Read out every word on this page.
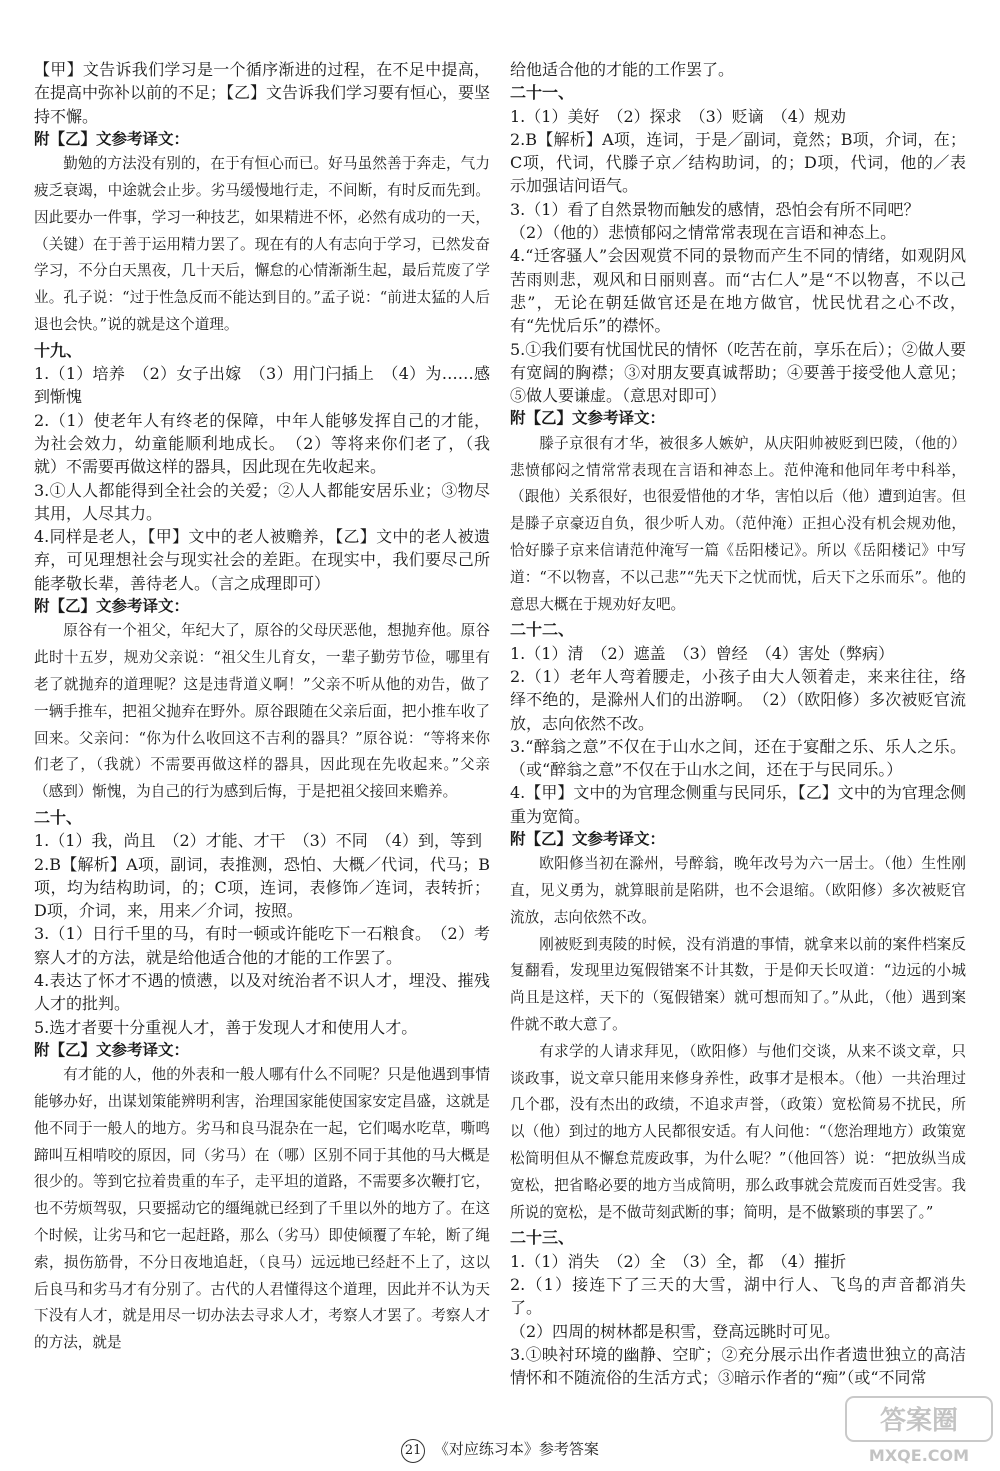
【甲】文告诉我们学习是一个循序渐进的过程，在不足中提高，在提高中弥补以前的不足；【乙】文告诉我们学习要有恒心，要坚持不懈。

附【乙】文参考译文：

勤勉的方法没有别的，在于有恒心而已。好马虽然善于奔走，气力疲乏衰竭，中途就会止步。劣马缓慢地行走，不间断，有时反而先到。因此要办一件事，学习一种技艺，如果精进不怀，必然有成功的一天，（关键）在于善于运用精力罢了。现在有的人有志向于学习，已然发奋学习，不分白天黑夜，几十天后，懈怠的心情渐渐生起，最后荒废了学业。孔子说：“过于性急反而不能达到目的。”孟子说：“前进太猛的人后退也会快。”说的就是这个道理。

十九、

1.（1）培养　（2）女子出嫁　（3）用门闩插上　（4）为……感到惭愧

2.（1）使老年人有终老的保障，中年人能够发挥自己的才能，为社会效力，幼童能顺利地成长。　（2）等将来你们老了，（我就）不需要再做这样的器具，因此现在先收起来。

3.①人人都能得到全社会的关爱；②人人都能安居乐业；③物尽其用，人尽其力。

4.同样是老人，【甲】文中的老人被赡养，【乙】文中的老人被遗弃，可见理想社会与现实社会的差距。在现实中，我们要尽己所能孝敬长辈，善待老人。（言之成理即可）

附【乙】文参考译文：

原谷有一个祖父，年纪大了，原谷的父母厌恶他，想抛弃他。原谷此时十五岁，规劝父亲说：“祖父生儿育女，一辈子勤劳节俭，哪里有老了就抛弃的道理呢？这是违背道义啊！”父亲不听从他的劝告，做了一辆手推车，把祖父抛弃在野外。原谷跟随在父亲后面，把小推车收了回来。父亲问：“你为什么收回这不吉利的器具？”原谷说：“等将来你们老了，（我就）不需要再做这样的器具，因此现在先收起来。”父亲（感到）惭愧，为自己的行为感到后悔，于是把祖父接回来赡养。

二十、

1.（1）我，尚且　（2）才能、才干　（3）不同　（4）到，等到

2.B【解析】A项，副词，表推测，恐怕、大概／代词，代马；B项，均为结构助词，的；C项，连词，表修饰／连词，表转折；D项，介词，来，用来／介词，按照。

3.（1）日行千里的马，有时一顿或许能吃下一石粮食。　（2）考察人才的方法，就是给他适合他的才能的工作罢了。

4.表达了怀才不遇的愤懑，以及对统治者不识人才，埋没、摧残人才的批判。

5.选才者要十分重视人才，善于发现人才和使用人才。

附【乙】文参考译文：

有才能的人，他的外表和一般人哪有什么不同呢？只是他遇到事情能够办好，出谋划策能辨明利害，治理国家能使国家安定昌盛，这就是他不同于一般人的地方。劣马和良马混杂在一起，它们喝水吃草，嘶鸣蹄叫互相啃咬的原因，同（劣马）在（哪）区别不同于其他的马大概是很少的。等到它拉着贵重的车子，走平坦的道路，不需要多次鞭打它，也不劳烦驾驭，只要摇动它的缰绳就已经到了千里以外的地方了。在这个时候，让劣马和它一起赶路，那么（劣马）即使倾覆了车轮，断了绳索，损伤筋骨，不分日夜地追赶，（良马）远远地已经赶不上了，这以后良马和劣马才有分别了。古代的人君懂得这个道理，因此并不认为天下没有人才，就是用尽一切办法去寻求人才，考察人才罢了。考察人才的方法，就是

给他适合他的才能的工作罢了。

二十一、

1.（1）美好　（2）探求　（3）贬谪　（4）规劝

2.B【解析】A项，连词，于是／副词，竟然；B项，介词，在；C项，代词，代滕子京／结构助词，的；D项，代词，他的／表示加强诘问语气。

3.（1）看了自然景物而触发的感情，恐怕会有所不同吧？

（2）（他的）悲愤郁闷之情常常表现在言语和神态上。

4.“迁客骚人”会因观赏不同的景物而产生不同的情绪，如观阴风苦雨则悲，观风和日丽则喜。而“古仁人”是“不以物喜，不以己悲”，无论在朝廷做官还是在地方做官，忧民忧君之心不改，有“先忧后乐”的襟怀。

5.①我们要有忧国忧民的情怀（吃苦在前，享乐在后）；②做人要有宽阔的胸襟；③对朋友要真诚帮助；④要善于接受他人意见；⑤做人要谦虚。（意思对即可）

附【乙】文参考译文：

滕子京很有才华，被很多人嫉妒，从庆阳帅被贬到巴陵，（他的）悲愤郁闷之情常常表现在言语和神态上。范仲淹和他同年考中科举，（跟他）关系很好，也很爱惜他的才华，害怕以后（他）遭到迫害。但是滕子京豪迈自负，很少听人劝。（范仲淹）正担心没有机会规劝他，恰好滕子京来信请范仲淹写一篇《岳阳楼记》。所以《岳阳楼记》中写道：“不以物喜，不以己悲”“先天下之忧而忧，后天下之乐而乐”。他的意思大概在于规劝好友吧。

二十二、

1.（1）清　（2）遮盖　（3）曾经　（4）害处（弊病）

2.（1）老年人弯着腰走，小孩子由大人领着走，来来往往，络绎不绝的，是滁州人们的出游啊。　（2）（欧阳修）多次被贬官流放，志向依然不改。

3.“醉翁之意”不仅在于山水之间，还在于宴酣之乐、乐人之乐。（或“醉翁之意”不仅在于山水之间，还在于与民同乐。）

4.【甲】文中的为官理念侧重与民同乐，【乙】文中的为官理念侧重为宽简。

附【乙】文参考译文：

欧阳修当初在滁州，号醉翁，晚年改号为六一居士。（他）生性刚直，见义勇为，就算眼前是陷阱，也不会退缩。（欧阳修）多次被贬官流放，志向依然不改。

刚被贬到夷陵的时候，没有消遣的事情，就拿来以前的案件档案反复翻看，发现里边冤假错案不计其数，于是仰天长叹道：“边远的小城尚且是这样，天下的（冤假错案）就可想而知了。”从此，（他）遇到案件就不敢大意了。

有求学的人请求拜见，（欧阳修）与他们交谈，从来不谈文章，只谈政事，说文章只能用来修身养性，政事才是根本。（他）一共治理过几个郡，没有杰出的政绩，不追求声誉，（政策）宽松简易不扰民，所以（他）到过的地方人民都很安适。有人问他：“（您治理地方）政策宽松简明但从不懈怠荒废政事，为什么呢？”（他回答）说：“把放纵当成宽松，把省略必要的地方当成简明，那么政事就会荒废而百姓受害。我所说的宽松，是不做苛刻武断的事；简明，是不做繁琐的事罢了。”

二十三、

1.（1）消失　（2）全　（3）全，都　（4）摧折

2.（1）接连下了三天的大雪，湖中行人、飞鸟的声音都消失了。

（2）四周的树林都是积雪，登高远眺时可见。

3.①映衬环境的幽静、空旷；②充分展示出作者遗世独立的高洁情怀和不随流俗的生活方式；③暗示作者的“痴”（或“不同常

21 《对应练习本》参考答案
答案圈
MXQE.COM
